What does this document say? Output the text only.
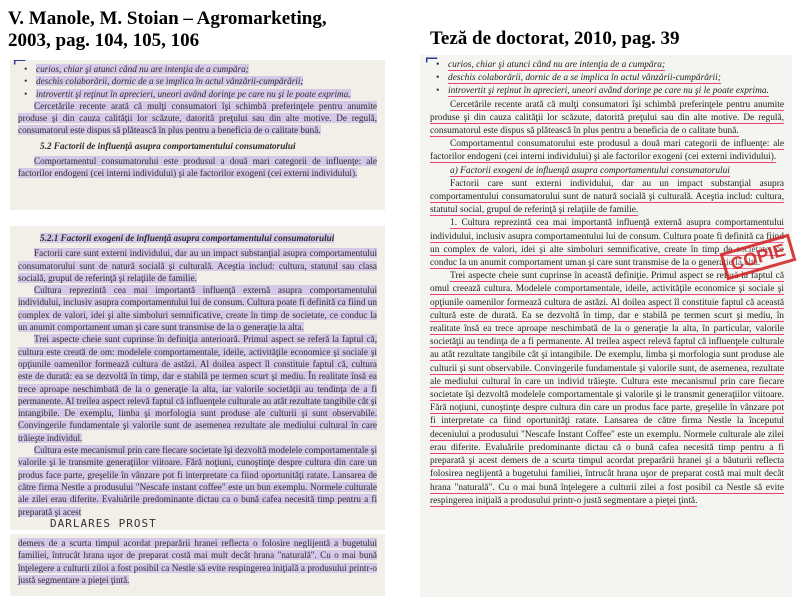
V. Manole, M. Stoian – Agromarketing,
2003, pag. 104, 105, 106	Teză de doctorat, 2010, pag. 39
⌐ • curios, chiar şi atunci când nu are intenţia de a cumpăra;

• deschis colaborării, dornic de a se implica în actul vânzării-cumpărării;

• introvertit şi reţinut în aprecieri, uneori având dorinţe pe care nu şi le poate exprima.

Cercetările recente arată că mulţi consumatori îşi schimbă preferinţele pentru anumite produse şi din cauza calităţii lor scăzute, datorită preţului sau din alte motive. De regulă, consumatorul este dispus să plătească în plus pentru a beneficia de o calitate bună.

5.2 Factorii de influenţă asupra comportamentului consumatorului

Comportamentul consumatorului este produsul a două mari categorii de influenţe: ale factorilor endogeni (cei interni individului) şi ale factorilor exogeni (cei externi individului).

5.2.1 Factorii exogeni de influenţă asupra comportamentului consumatorului

Factorii care sunt externi individului, dar au un impact substanţial asupra comportamentului consumatorului sunt de natură socială şi culturală. Aceştia includ: cultura, statutul sau clasa socială, grupul de referinţă şi relaţiile de familie.

Cultura reprezintă cea mai importantă influenţă externă asupra comportamentului individului, inclusiv asupra comportamentului lui de consum. Cultura poate fi definită ca fiind un complex de valori, idei şi alte simboluri semnificative, create în timp de societate, ce conduc la un anumit comportament uman şi care sunt transmise de la o generaţie la alta.

Trei aspecte cheie sunt cuprinse în definiţia anterioară. Primul aspect se referă la faptul că, cultura este creată de om: modelele comportamentale, ideile, activităţile economice şi sociale şi opţiunile oamenilor formează cultura de astăzi. Al doilea aspect îl constituie faptul că, cultura este de durată: ea se dezvoltă în timp, dar e stabilă pe termen scurt şi mediu. În realitate însă ea trece aproape neschimbată de la o generaţie la alta, iar valorile societăţii au tendinţa de a fi permanente. Al treilea aspect relevă faptul că influenţele culturale au atât rezultate tangibile cât şi intangibile. De exemplu, limba şi morfologia sunt produse ale culturii şi sunt observabile. Convingerile fundamentale şi valorile sunt de asemenea rezultate ale mediului cultural în care trăieşte individul.

Cultura este mecanismul prin care fiecare societate îşi dezvoltă modelele comportamentale şi valorile şi le transmite generaţiilor viitoare. Fără noţiuni, cunoştinţe despre cultura din care un produs face parte, greşelile în vânzare pot fi interpretate ca fiind oportunităţi ratate. Lansarea de către firma Nestle a produsului "Nescafe instant coffee" este un bun exemplu. Normele culturale ale zilei erau diferite. Evaluările predominante dictau ca o bună cafea necesită timp pentru a fi preparată şi acest

DARLARES PROST

demers de a scurta timpul acordat preparării hranei reflecta o folosire neglijentă a bugetului familiei, întrucât hrana uşor de preparat costă mai mult decât hrana "naturală". Cu o mai bună înţelegere a culturii ziloi a fost posibil ca Nestle să evite respingerea iniţială a produsului printr-o justă segmentare a pieţei ţintă.

⌐ • curios, chiar şi atunci când nu are intenţia de a cumpăra;

• deschis colaborării, dornic de a se implica în actul vânzării-cumpărării;

• introvertit şi reţinut în aprecieri, uneori având dorinţe pe care nu şi le poate exprima.

Cercetările recente arată că mulţi consumatori îşi schimbă preferinţele pentru anumite produse şi din cauza calităţii lor scăzute, datorită preţului sau din alte motive. De regulă, consumatorul este dispus să plătească în plus pentru a beneficia de o calitate bună.

Comportamentul consumatorului este produsul a două mari categorii de influenţe: ale factorilor endogeni (cei interni individului) şi ale factorilor exogeni (cei externi individului).

a) Factorii exogeni de influenţă asupra comportamentului consumatorului

Factorii care sunt externi individului, dar au un impact substanţial asupra comportamentului consumatorului sunt de natură socială şi culturală. Aceştia includ: cultura, statutul social, grupul de referinţă şi relaţiile de familie.

1. Cultura reprezintă cea mai importantă influenţă externă asupra comportamentului individului, inclusiv asupra comportamentului lui de consum. Cultura poate fi definită ca fiind un complex de valori, idei şi alte simboluri semnificative, create în timp de societate, ce conduc la un anumit comportament uman şi care sunt transmise de la o generaţie la alta.

Trei aspecte cheie sunt cuprinse în această definiţie. Primul aspect se referă la faptul că omul creează cultura. Modelele comportamentale, ideile, activităţile economice şi sociale şi opţiunile oamenilor formează cultura de astăzi. Al doilea aspect îl constituie faptul că această cultură este de durată. Ea se dezvoltă în timp, dar e stabilă pe termen scurt şi mediu, în realitate însă ea trece aproape neschimbată de la o generaţie la alta, în particular, valorile societăţii au tendinţa de a fi permanente. Al treilea aspect relevă faptul că influenţele culturale au atât rezultate tangibile cât şi intangibile. De exemplu, limba şi morfologia sunt produse ale culturii şi sunt observabile. Convingerile fundamentale şi valorile sunt, de asemenea, rezultate ale mediului cultural în care un individ trăieşte. Cultura este mecanismul prin care fiecare societate îşi dezvoltă modelele comportamentale şi valorile şi le transmit generaţiilor viitoare. Fără noţiuni, cunoştinţe despre cultura din care un produs face parte, greşelile în vânzare pot fi interpretate ca fiind oportunităţi ratate. Lansarea de către firma Nestle la începutul deceniului a produsului "Nescafe Instant Coffee" este un exemplu. Normele culturale ale zilei erau diferite. Evaluările predominante dictau că o bună cafea necesită timp pentru a fi preparată şi acest demers de a scurta timpul acordat preparării hranei şi a băuturii reflecta folosirea neglijentă a bugetului familiei, întrucât hrana uşor de preparat costă mai mult decât hrana "naturală". Cu o mai bună înţelegere a culturii zilei a fost posibil ca Nestle să evite respingerea iniţială a produsului printr-o justă segmentare a pieţei ţintă.

COPIE
